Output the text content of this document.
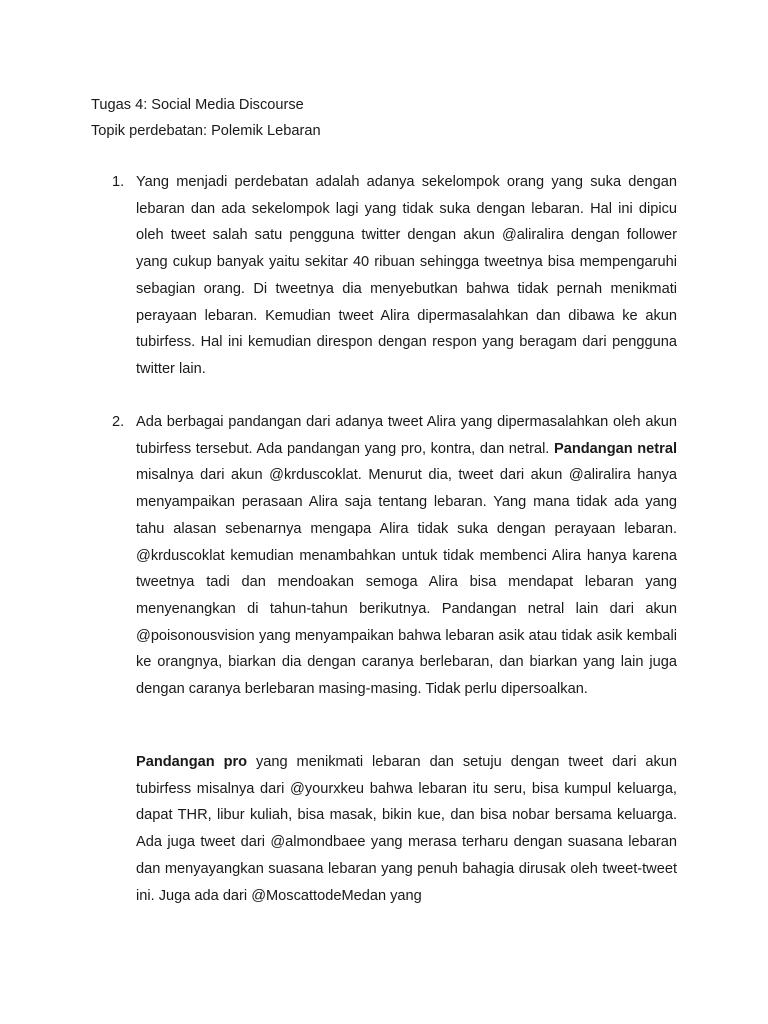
Tugas 4: Social Media Discourse
Topik perdebatan: Polemik Lebaran
1. Yang menjadi perdebatan adalah adanya sekelompok orang yang suka dengan lebaran dan ada sekelompok lagi yang tidak suka dengan lebaran. Hal ini dipicu oleh tweet salah satu pengguna twitter dengan akun @aliralira dengan follower yang cukup banyak yaitu sekitar 40 ribuan sehingga tweetnya bisa mempengaruhi sebagian orang. Di tweetnya dia menyebutkan bahwa tidak pernah menikmati perayaan lebaran. Kemudian tweet Alira dipermasalahkan dan dibawa ke akun tubirfess. Hal ini kemudian direspon dengan respon yang beragam dari pengguna twitter lain.

2. Ada berbagai pandangan dari adanya tweet Alira yang dipermasalahkan oleh akun tubirfess tersebut. Ada pandangan yang pro, kontra, dan netral. Pandangan netral misalnya dari akun @krduscoklat. Menurut dia, tweet dari akun @aliralira hanya menyampaikan perasaan Alira saja tentang lebaran. Yang mana tidak ada yang tahu alasan sebenarnya mengapa Alira tidak suka dengan perayaan lebaran. @krduscoklat kemudian menambahkan untuk tidak membenci Alira hanya karena tweetnya tadi dan mendoakan semoga Alira bisa mendapat lebaran yang menyenangkan di tahun-tahun berikutnya. Pandangan netral lain dari akun @poisonousvision yang menyampaikan bahwa lebaran asik atau tidak asik kembali ke orangnya, biarkan dia dengan caranya berlebaran, dan biarkan yang lain juga dengan caranya berlebaran masing-masing. Tidak perlu dipersoalkan.

Pandangan pro yang menikmati lebaran dan setuju dengan tweet dari akun tubirfess misalnya dari @yourxkeu bahwa lebaran itu seru, bisa kumpul keluarga, dapat THR, libur kuliah, bisa masak, bikin kue, dan bisa nobar bersama keluarga. Ada juga tweet dari @almondbaee yang merasa terharu dengan suasana lebaran dan menyayangkan suasana lebaran yang penuh bahagia dirusak oleh tweet-tweet ini. Juga ada dari @MoscattodeMedan yang
